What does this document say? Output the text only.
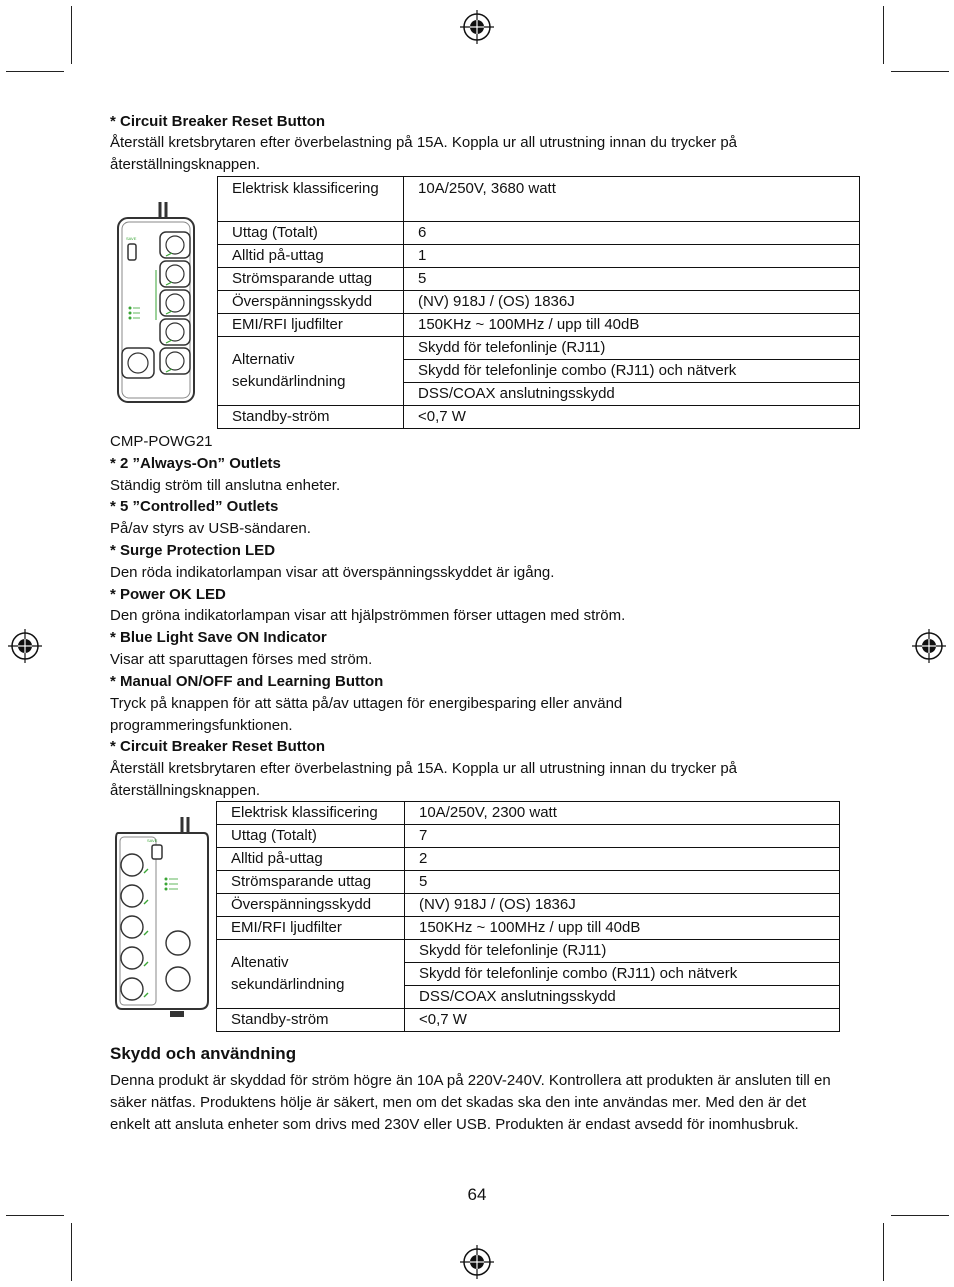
* Circuit Breaker Reset Button
Återställ kretsbrytaren efter överbelastning på 15A. Koppla ur all utrustning innan du trycker på återställningsknappen.
SAVE
Elektrisk klassificering	10A/250V, 3680 watt
Uttag (Totalt)	6
Alltid på-uttag	1
Strömsparande uttag	5
Överspänningsskydd	(NV) 918J / (OS) 1836J
EMI/RFI ljudfilter	150KHz ~ 100MHz / upp till 40dB
Alternativ sekundärlindning	Skydd för telefonlinje (RJ11)
	Skydd för telefonlinje combo (RJ11) och nätverk
	DSS/COAX anslutningsskydd
Standby-ström	<0,7 W
CMP-POWG21
* 2 ”Always-On” Outlets
Ständig ström till anslutna enheter.
* 5 ”Controlled” Outlets
På/av styrs av USB-sändaren.
* Surge Protection LED
Den röda indikatorlampan visar att överspänningsskyddet är igång.
* Power OK LED
Den gröna indikatorlampan visar att hjälpströmmen förser uttagen med ström.
* Blue Light Save ON Indicator
Visar att sparuttagen förses med ström.
* Manual ON/OFF and Learning Button
Tryck på knappen för att sätta på/av uttagen för energibesparing eller använd programmeringsfunktionen.
* Circuit Breaker Reset Button
Återställ kretsbrytaren efter överbelastning på 15A. Koppla ur all utrustning innan du trycker på återställningsknappen.
SAVE
Elektrisk klassificering	10A/250V, 2300 watt
Uttag (Totalt)	7
Alltid på-uttag	2
Strömsparande uttag	5
Överspänningsskydd	(NV) 918J / (OS) 1836J
EMI/RFI ljudfilter	150KHz ~ 100MHz / upp till 40dB
Altenativ sekundärlindning	Skydd för telefonlinje (RJ11)
	Skydd för telefonlinje combo (RJ11) och nätverk
	DSS/COAX anslutningsskydd
Standby-ström	<0,7 W
Skydd och användning
Denna produkt är skyddad för ström högre än 10A på 220V-240V. Kontrollera att produkten är ansluten till en säker nätfas. Produktens hölje är säkert, men om det skadas ska den inte användas mer. Med den är det enkelt att ansluta enheter som drivs med 230V eller USB. Produkten är endast avsedd för inomhusbruk.
64
